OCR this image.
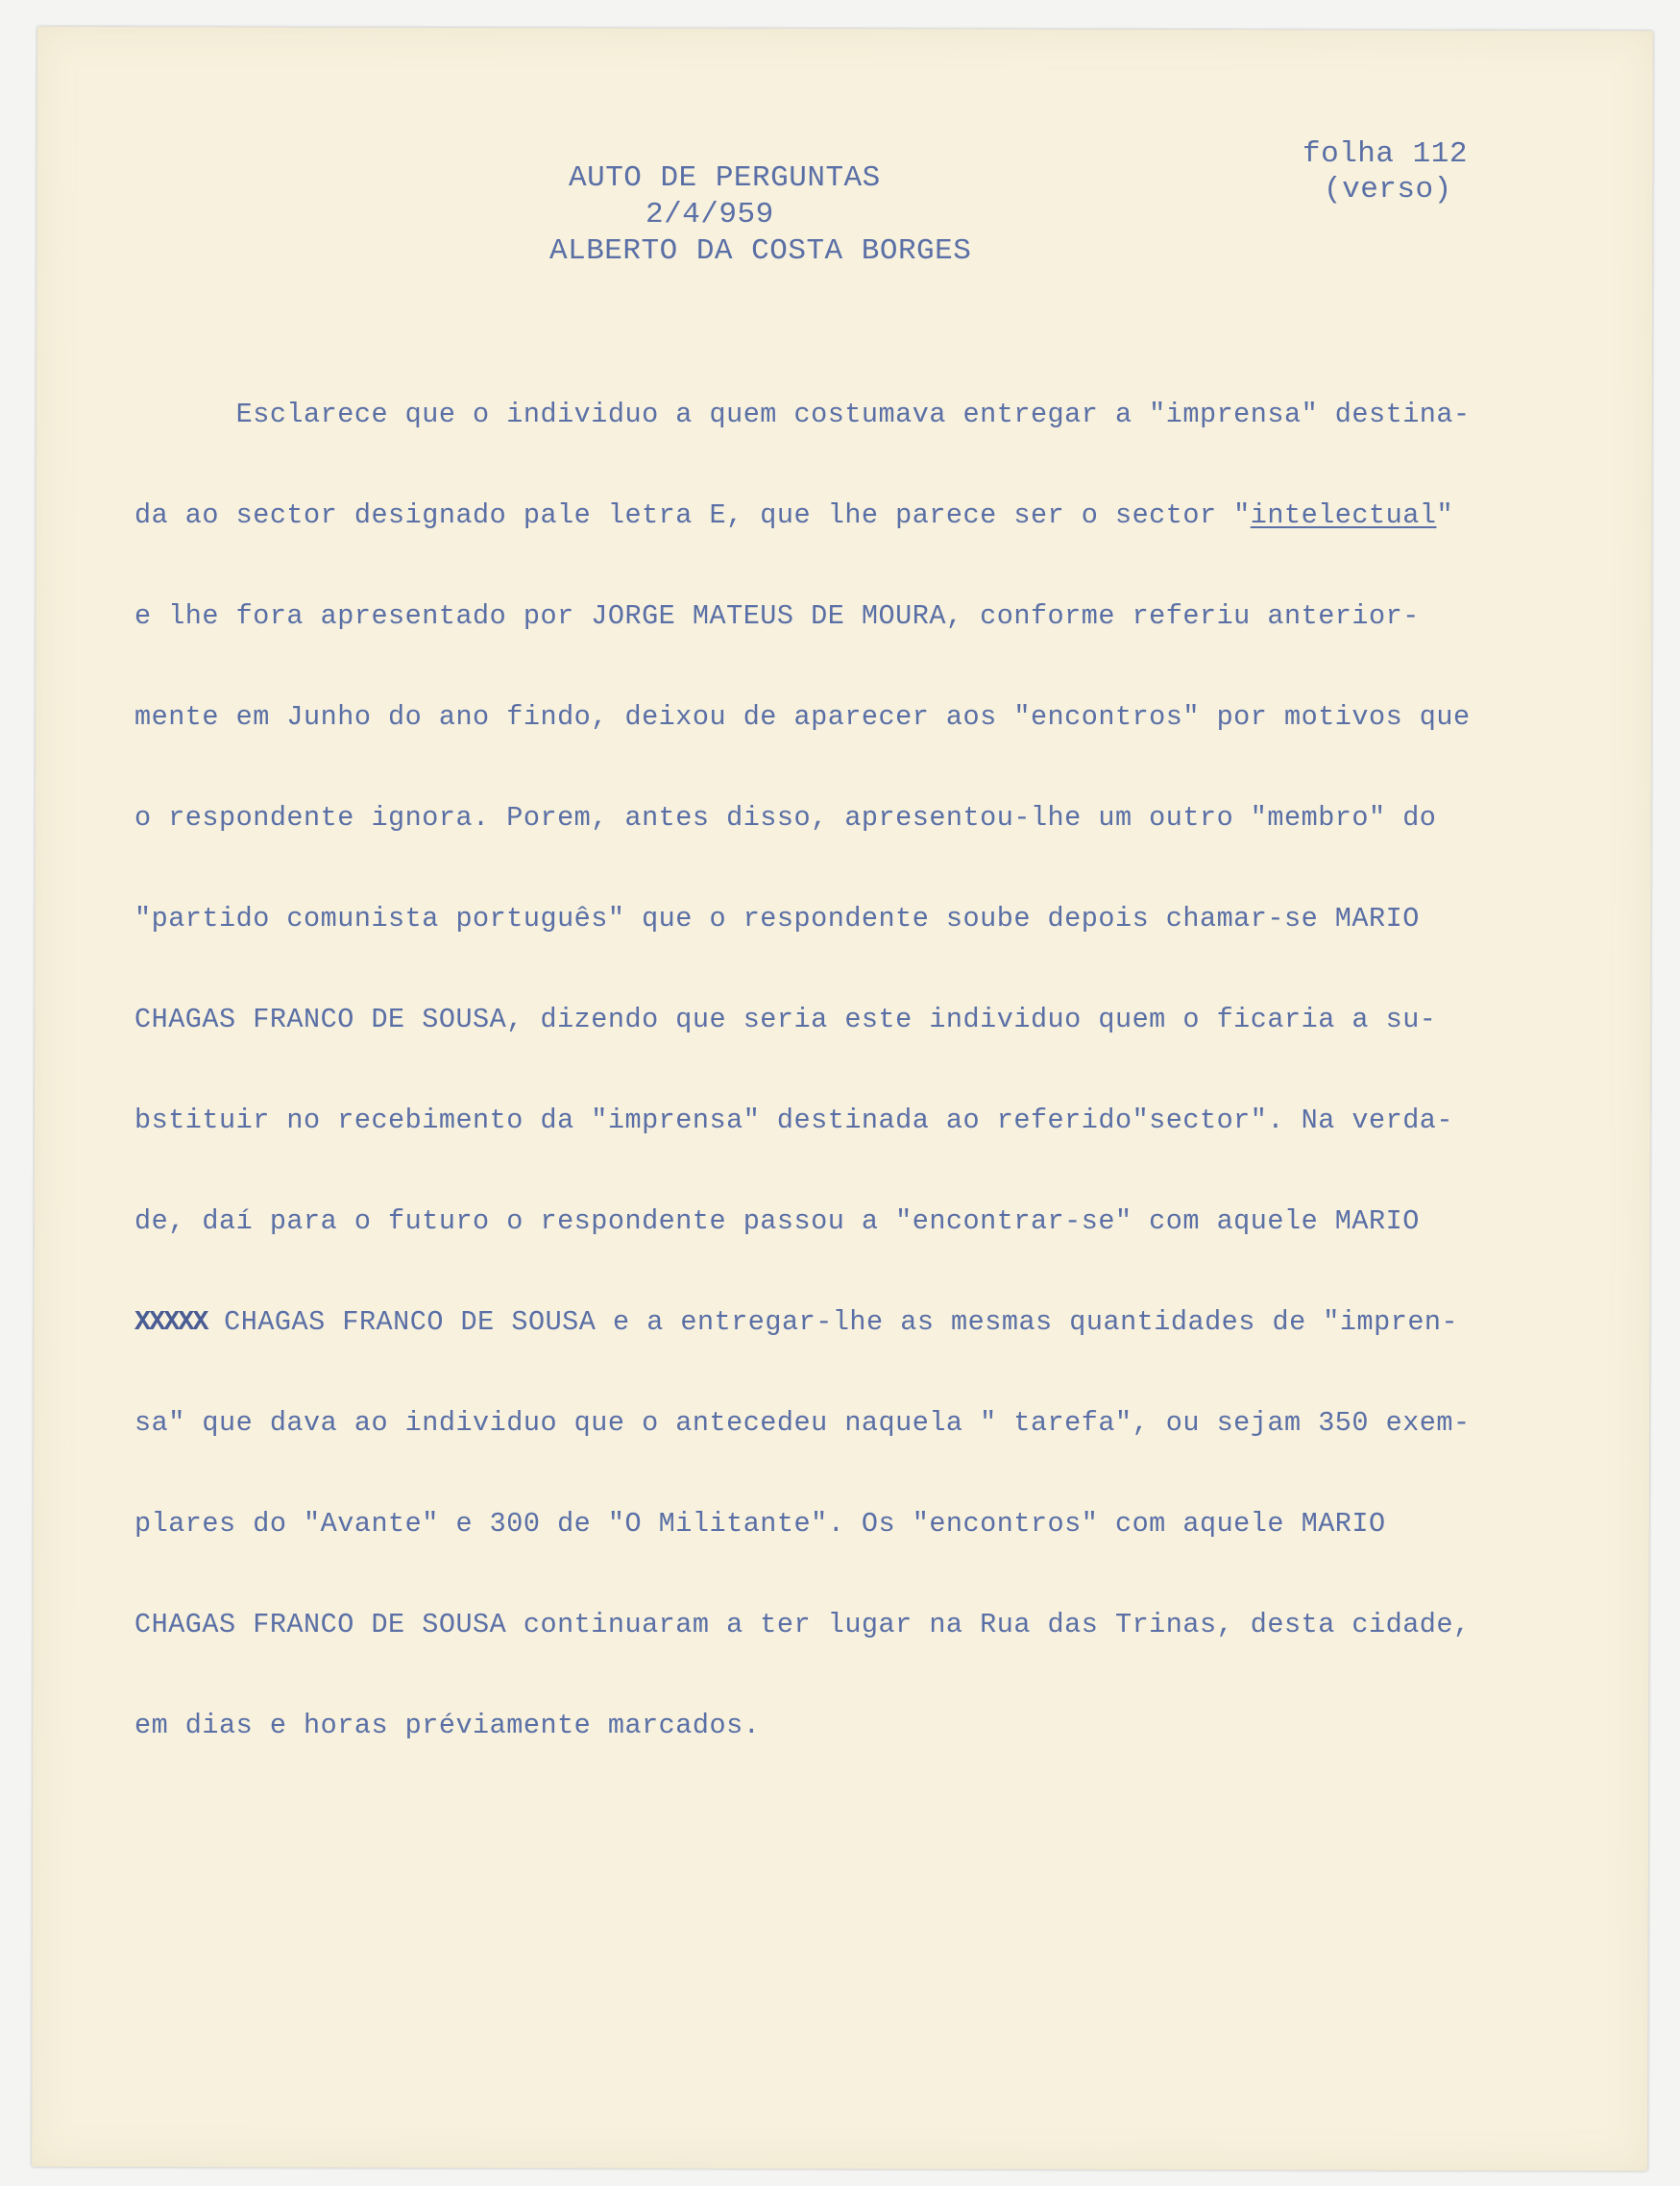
folha 112
(verso)
AUTO DE PERGUNTAS
2/4/959
ALBERTO DA COSTA BORGES

Esclarece que o individuo a quem costumava entregar a "imprensa" destina-

da ao sector designado pale letra E, que lhe parece ser o sector "intelectual"

e lhe fora apresentado por JORGE MATEUS DE MOURA, conforme referiu anterior-

mente em Junho do ano findo, deixou de aparecer aos "encontros" por motivos que

o respondente ignora. Porem, antes disso, apresentou-lhe um outro "membro" do

"partido comunista português" que o respondente soube depois chamar-se MARIO

CHAGAS FRANCO DE SOUSA, dizendo que seria este individuo quem o ficaria a su-

bstituir no recebimento da "imprensa" destinada ao referido"sector". Na verda-

de, daí para o futuro o respondente passou a "encontrar-se" com aquele MARIO

XXXXX CHAGAS FRANCO DE SOUSA e a entregar-lhe as mesmas quantidades de "impren-

sa" que dava ao individuo que o antecedeu naquela " tarefa", ou sejam 350 exem-

plares do "Avante" e 300 de "O Militante". Os "encontros" com aquele MARIO

CHAGAS FRANCO DE SOUSA continuaram a ter lugar na Rua das Trinas, desta cidade,

em dias e horas préviamente marcados.
